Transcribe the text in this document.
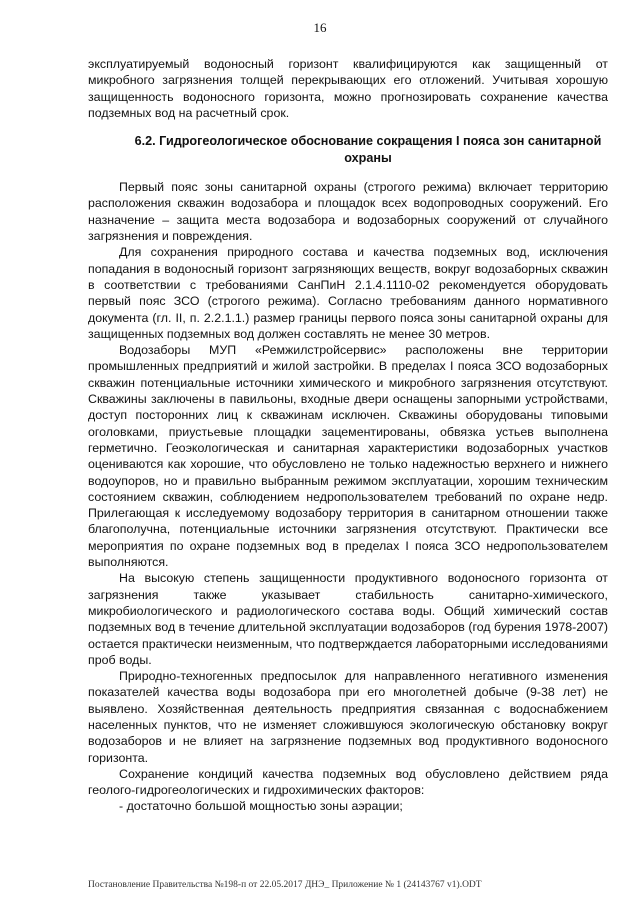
16

эксплуатируемый водоносный горизонт квалифицируются как защищенный от микробного загрязнения толщей перекрывающих его отложений. Учитывая хорошую защищенность водоносного горизонта, можно прогнозировать сохранение качества подземных вод на расчетный срок.

6.2. Гидрогеологическое обоснование сокращения I пояса зон санитарной охраны

Первый пояс зоны санитарной охраны (строгого режима) включает территорию расположения скважин водозабора и площадок всех водопроводных сооружений. Его назначение – защита места водозабора и водозаборных сооружений от случайного загрязнения и повреждения.

Для сохранения природного состава и качества подземных вод, исключения попадания в водоносный горизонт загрязняющих веществ, вокруг водозаборных скважин в соответствии с требованиями СанПиН 2.1.4.1110-02 рекомендуется оборудовать первый пояс ЗСО (строгого режима). Согласно требованиям данного нормативного документа (гл. II, п. 2.2.1.1.) размер границы первого пояса зоны санитарной охраны для защищенных подземных вод должен составлять не менее 30 метров.

Водозаборы МУП «Ремжилстройсервис» расположены вне территории промышленных предприятий и жилой застройки. В пределах I пояса ЗСО водозаборных скважин потенциальные источники химического и микробного загрязнения отсутствуют. Скважины заключены в павильоны, входные двери оснащены запорными устройствами, доступ посторонних лиц к скважинам исключен. Скважины оборудованы типовыми оголовками, приустьевые площадки зацементированы, обвязка устьев выполнена герметично. Геоэкологическая и санитарная характеристики водозаборных участков оцениваются как хорошие, что обусловлено не только надежностью верхнего и нижнего водоупоров, но и правильно выбранным режимом эксплуатации, хорошим техническим состоянием скважин, соблюдением недропользователем требований по охране недр. Прилегающая к исследуемому водозабору территория в санитарном отношении также благополучна, потенциальные источники загрязнения отсутствуют. Практически все мероприятия по охране подземных вод в пределах I пояса ЗСО недропользователем выполняются.

На высокую степень защищенности продуктивного водоносного горизонта от загрязнения также указывает стабильность санитарно-химического, микробиологического и радиологического состава воды. Общий химический состав подземных вод в течение длительной эксплуатации водозаборов (год бурения 1978-2007) остается практически неизменным, что подтверждается лабораторными исследованиями проб воды.

Природно-техногенных предпосылок для направленного негативного изменения показателей качества воды водозабора при его многолетней добыче (9-38 лет) не выявлено. Хозяйственная деятельность предприятия связанная с водоснабжением населенных пунктов, что не изменяет сложившуюся экологическую обстановку вокруг водозаборов и не влияет на загрязнение подземных вод продуктивного водоносного горизонта.

Сохранение кондиций качества подземных вод обусловлено действием ряда геолого-гидрогеологических и гидрохимических факторов:

- достаточно большой мощностью зоны аэрации;

Постановление Правительства №198-п от 22.05.2017 ДНЭ_ Приложение № 1 (24143767 v1).ODT
